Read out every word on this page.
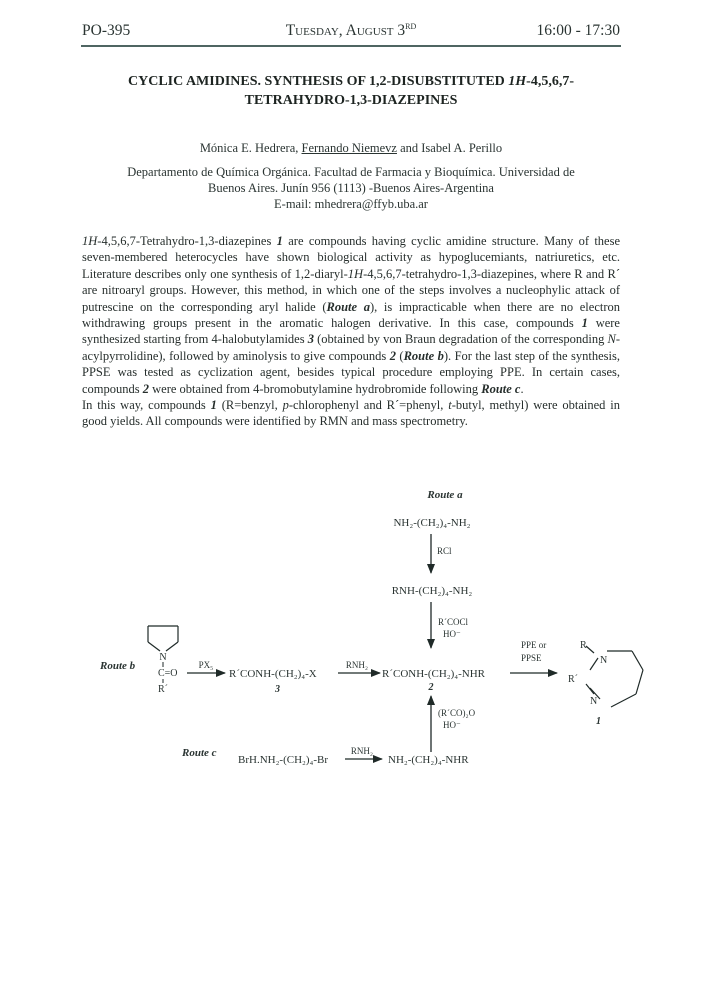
PO-395	Tuesday, August 3RD	16:00 - 17:30
CYCLIC AMIDINES. SYNTHESIS OF 1,2-DISUBSTITUTED 1H-4,5,6,7-
TETRAHYDRO-1,3-DIAZEPINES
Mónica E. Hedrera, Fernando Niemevz and Isabel A. Perillo
Departamento de Química Orgánica. Facultad de Farmacia y Bioquímica. Universidad de
Buenos Aires. Junín 956 (1113) -Buenos Aires-Argentina
E-mail: mhedrera@ffyb.uba.ar

1H-4,5,6,7-Tetrahydro-1,3-diazepines 1 are compounds having cyclic amidine structure. Many of these seven-membered heterocycles have shown biological activity as hypoglucemiants, natriuretics, etc. Literature describes only one synthesis of 1,2-diaryl-1H-4,5,6,7-tetrahydro-1,3-diazepines, where R and R´ are nitroaryl groups. However, this method, in which one of the steps involves a nucleophylic attack of putrescine on the corresponding aryl halide (Route a), is impracticable when there are no electron withdrawing groups present in the aromatic halogen derivative. In this case, compounds 1 were synthesized starting from 4-halobutylamides 3 (obtained by von Braun degradation of the corresponding N-acylpyrrolidine), followed by aminolysis to give compounds 2 (Route b). For the last step of the synthesis, PPSE was tested as cyclization agent, besides typical procedure employing PPE. In certain cases, compounds 2 were obtained from 4-bromobutylamine hydrobromide following Route c.

In this way, compounds 1 (R=benzyl, p-chlorophenyl and R´=phenyl, t-butyl, methyl) were obtained in good yields. All compounds were identified by RMN and mass spectrometry.

Route a
NH₂-(CH₂)₄-NH₂
RCl
RNH-(CH₂)₄-NH₂
R´COCl
HO⁻
Route b
N
C=O
R´
PX₅
R´CONH-(CH₂)₄-X
3
RNH₂
R´CONH-(CH₂)₄-NHR
2
PPE or
PPSE	N
N
R
R´
1
(R´CO)₂O
HO⁻
Route c
BrH.NH₂-(CH₂)₄-Br
RNH₂
NH₂-(CH₂)₄-NHR
